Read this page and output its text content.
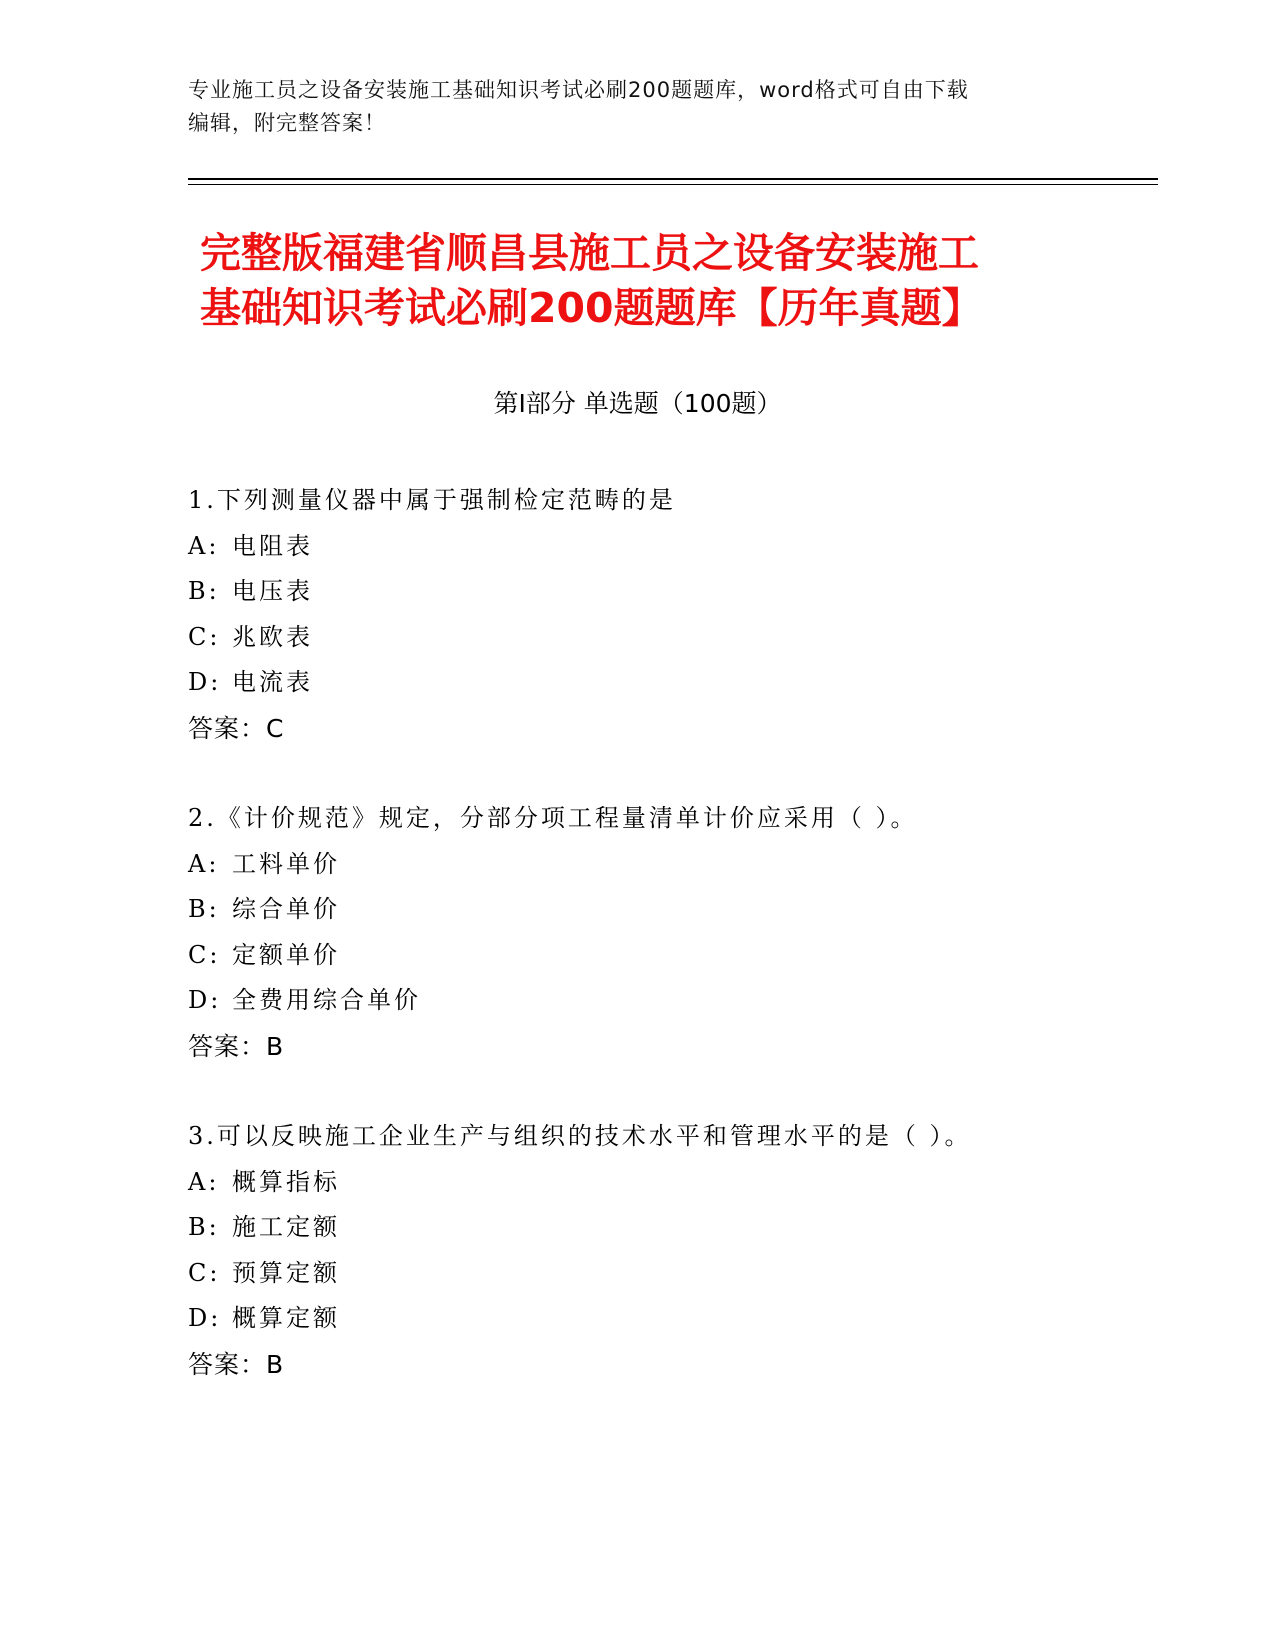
专业施工员之设备安装施工基础知识考试必刷200题题库，word格式可自由下载
编辑，附完整答案！
完整版福建省顺昌县施工员之设备安装施工
基础知识考试必刷200题题库【历年真题】
第Ⅰ部分 单选题（100题）
1.下列测量仪器中属于强制检定范畴的是
A: 电阻表
B: 电压表
C: 兆欧表
D: 电流表
答案：C
2.《计价规范》规定，分部分项工程量清单计价应采用（ ）。
A: 工料单价
B: 综合单价
C: 定额单价
D: 全费用综合单价
答案：B
3.可以反映施工企业生产与组织的技术水平和管理水平的是（ ）。
A: 概算指标
B: 施工定额
C: 预算定额
D: 概算定额
答案：B
